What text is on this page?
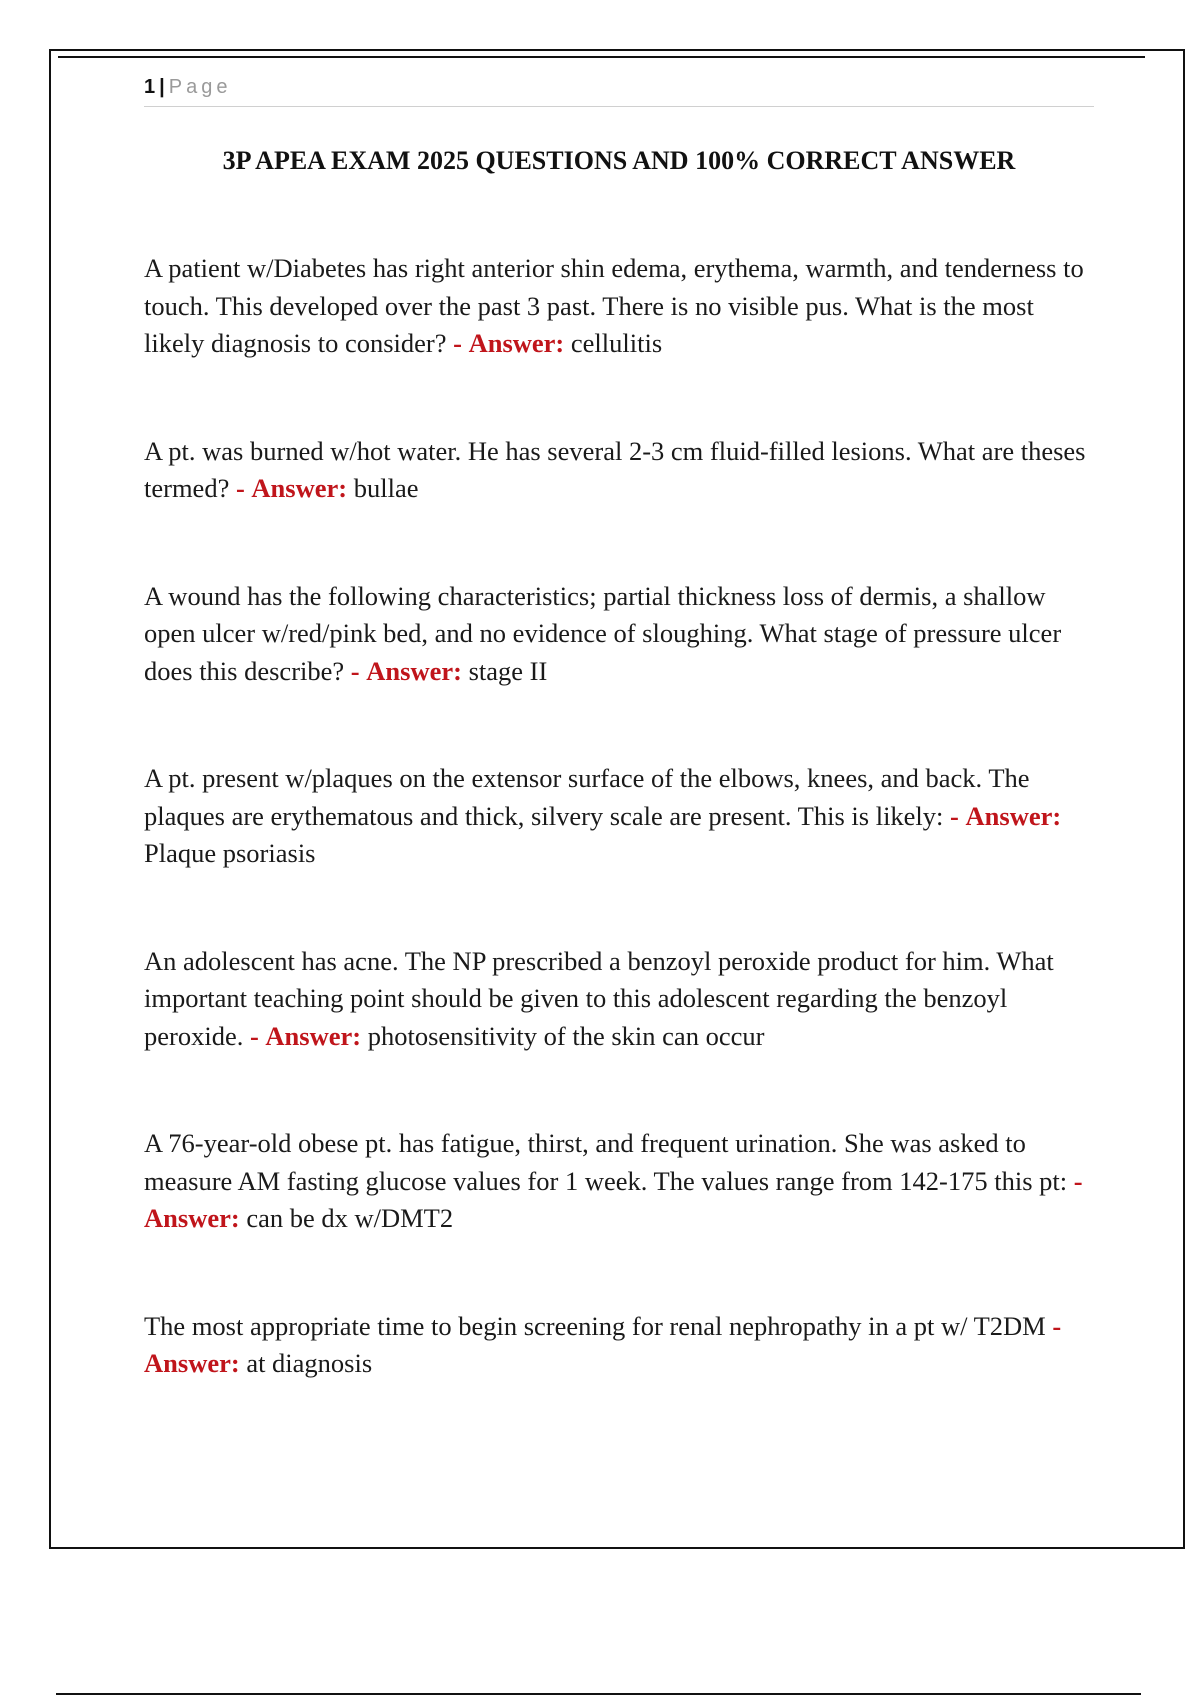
1 | Page
3P APEA EXAM 2025 QUESTIONS AND 100% CORRECT ANSWER

A patient w/Diabetes has right anterior shin edema, erythema, warmth, and tenderness to touch. This developed over the past 3 past. There is no visible pus. What is the most likely diagnosis to consider? - Answer: cellulitis

A pt. was burned w/hot water. He has several 2-3 cm fluid-filled lesions. What are theses termed? - Answer: bullae

A wound has the following characteristics; partial thickness loss of dermis, a shallow open ulcer w/red/pink bed, and no evidence of sloughing. What stage of pressure ulcer does this describe? - Answer: stage II

A pt. present w/plaques on the extensor surface of the elbows, knees, and back. The plaques are erythematous and thick, silvery scale are present. This is likely: - Answer: Plaque psoriasis

An adolescent has acne. The NP prescribed a benzoyl peroxide product for him. What important teaching point should be given to this adolescent regarding the benzoyl peroxide. - Answer: photosensitivity of the skin can occur

A 76-year-old obese pt. has fatigue, thirst, and frequent urination. She was asked to measure AM fasting glucose values for 1 week. The values range from 142-175 this pt: - Answer: can be dx w/DMT2

The most appropriate time to begin screening for renal nephropathy in a pt w/ T2DM - Answer: at diagnosis
